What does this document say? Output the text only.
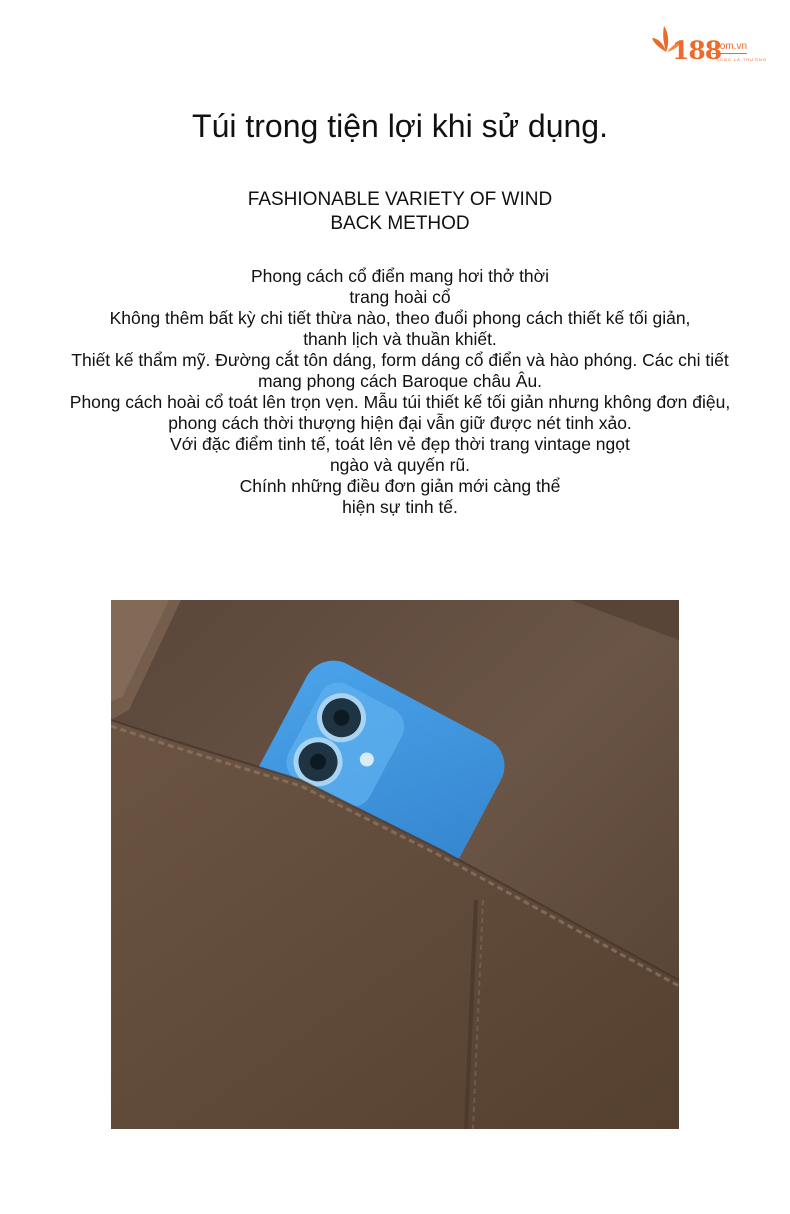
188
.com.vn
SỐNG LÀ THƯỞNG
Túi trong tiện lợi khi sử dụng.
FASHIONABLE VARIETY OF WIND
BACK METHOD
Phong cách cổ điển mang hơi thở thời
trang hoài cổ
Không thêm bất kỳ chi tiết thừa nào, theo đuổi phong cách thiết kế tối giản,
thanh lịch và thuần khiết.
Thiết kế thẩm mỹ. Đường cắt tôn dáng, form dáng cổ điển và hào phóng. Các chi tiết
mang phong cách Baroque châu Âu.
Phong cách hoài cổ toát lên trọn vẹn. Mẫu túi thiết kế tối giản nhưng không đơn điệu,
phong cách thời thượng hiện đại vẫn giữ được nét tinh xảo.
Với đặc điểm tinh tế, toát lên vẻ đẹp thời trang vintage ngọt
ngào và quyến rũ.
Chính những điều đơn giản mới càng thể
hiện sự tinh tế.
